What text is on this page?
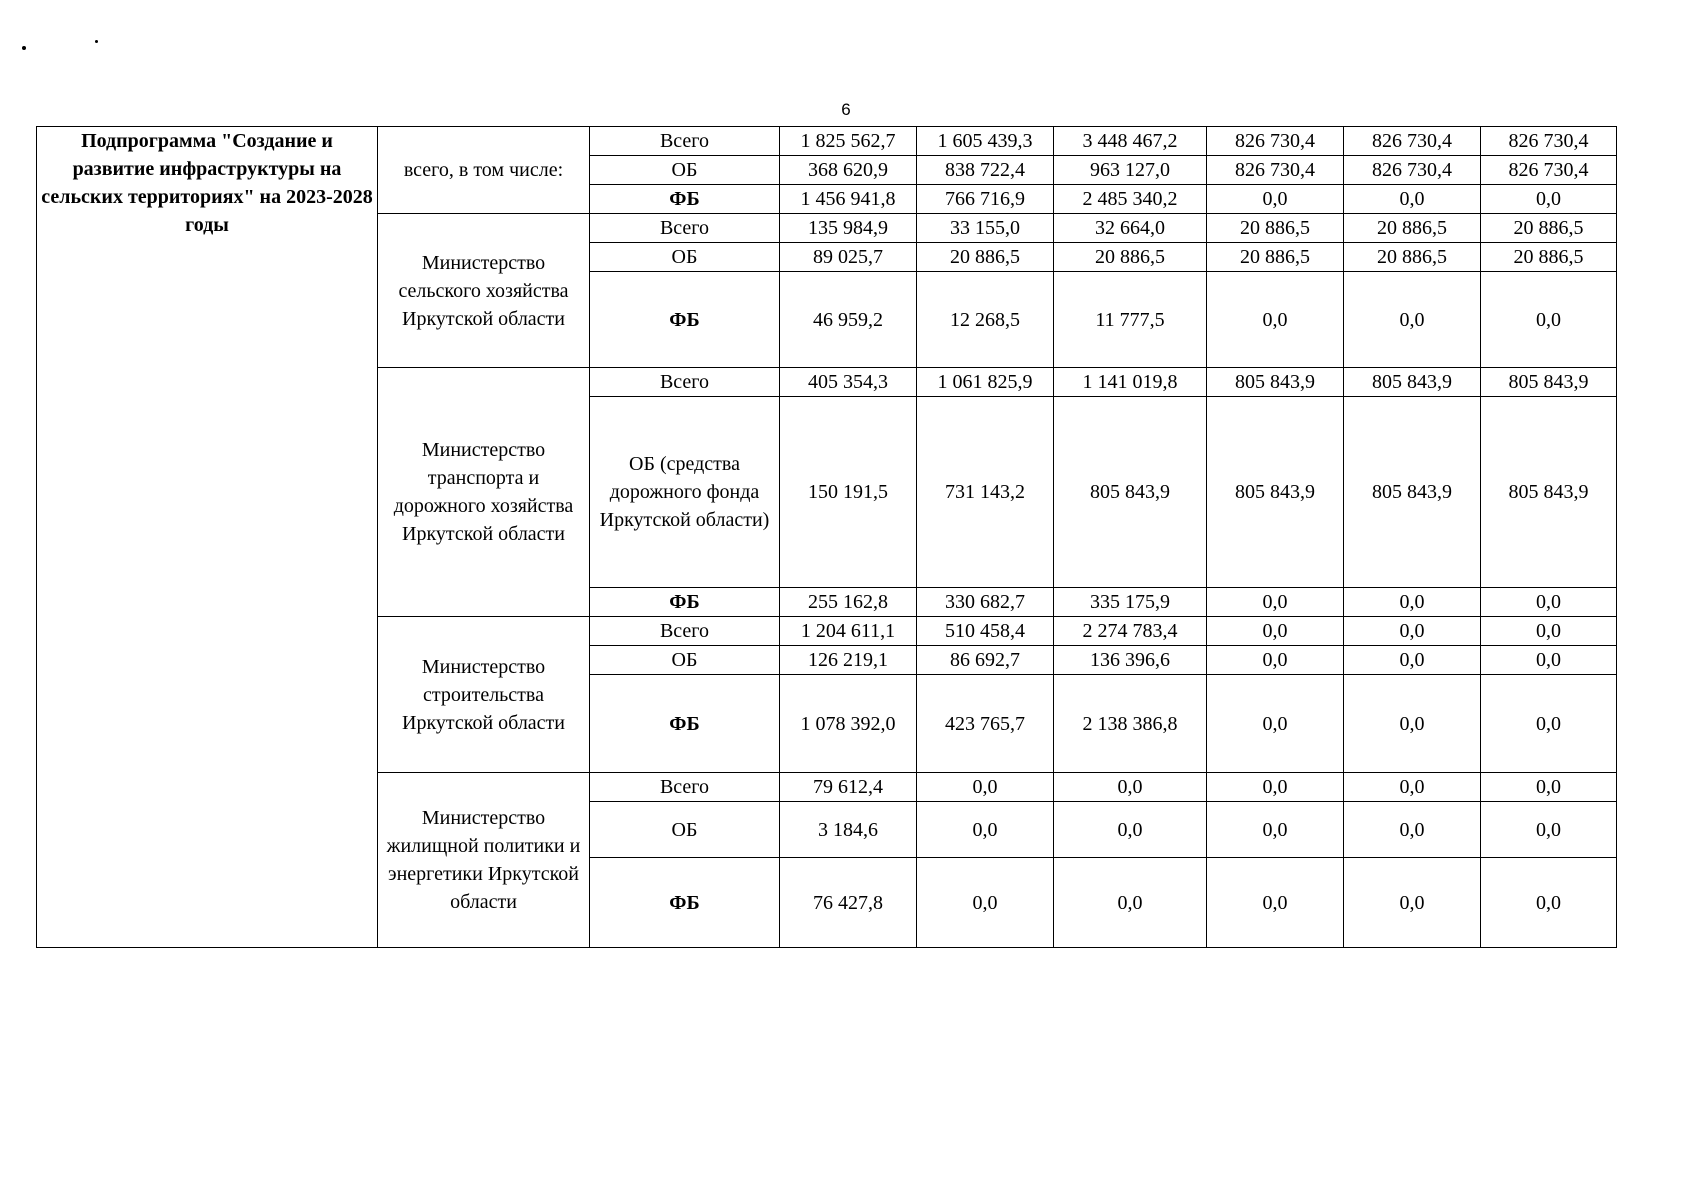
6
Подпрограмма "Создание и развитие инфраструктуры на сельских территориях" на 2023-2028 годы	всего, в том числе:	Всего	1 825 562,7	1 605 439,3	3 448 467,2	826 730,4	826 730,4	826 730,4
		ОБ	368 620,9	838 722,4	963 127,0	826 730,4	826 730,4	826 730,4
		ФБ	1 456 941,8	766 716,9	2 485 340,2	0,0	0,0	0,0
	Министерство сельского хозяйства Иркутской области	Всего	135 984,9	33 155,0	32 664,0	20 886,5	20 886,5	20 886,5
		ОБ	89 025,7	20 886,5	20 886,5	20 886,5	20 886,5	20 886,5
		ФБ	46 959,2	12 268,5	11 777,5	0,0	0,0	0,0
	Министерство транспорта и дорожного хозяйства Иркутской области	Всего	405 354,3	1 061 825,9	1 141 019,8	805 843,9	805 843,9	805 843,9
		ОБ (средства дорожного фонда Иркутской области)	150 191,5	731 143,2	805 843,9	805 843,9	805 843,9	805 843,9
		ФБ	255 162,8	330 682,7	335 175,9	0,0	0,0	0,0
	Министерство строительства Иркутской области	Всего	1 204 611,1	510 458,4	2 274 783,4	0,0	0,0	0,0
		ОБ	126 219,1	86 692,7	136 396,6	0,0	0,0	0,0
		ФБ	1 078 392,0	423 765,7	2 138 386,8	0,0	0,0	0,0
	Министерство жилищной политики и энергетики Иркутской области	Всего	79 612,4	0,0	0,0	0,0	0,0	0,0
		ОБ	3 184,6	0,0	0,0	0,0	0,0	0,0
		ФБ	76 427,8	0,0	0,0	0,0	0,0	0,0
